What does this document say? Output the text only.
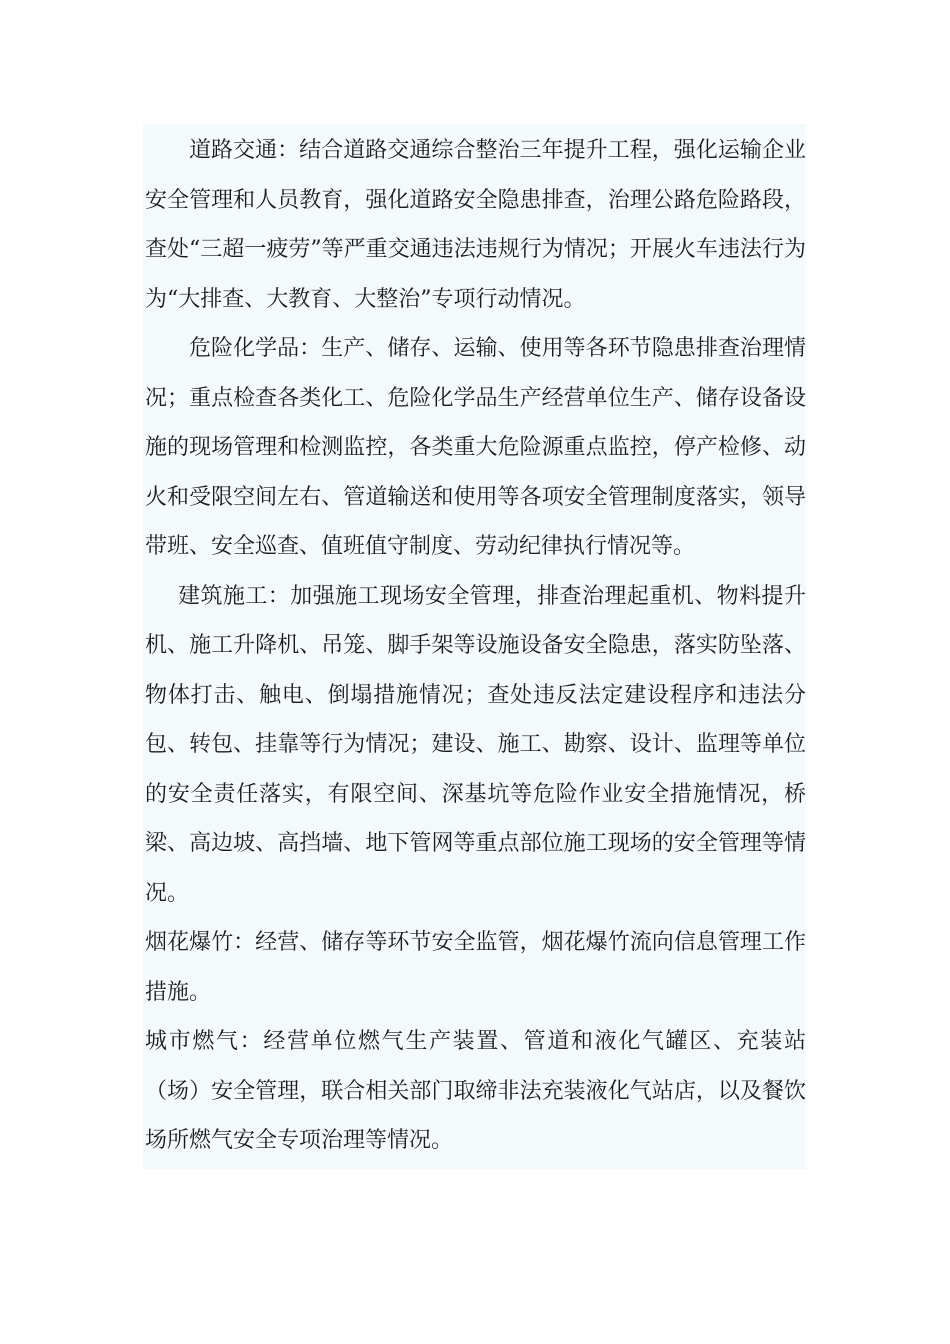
道路交通：结合道路交通综合整治三年提升工程，强化运输企业安全管理和人员教育，强化道路安全隐患排查，治理公路危险路段，查处“三超一疲劳”等严重交通违法违规行为情况；开展火车违法行为为“大排查、大教育、大整治”专项行动情况。

危险化学品：生产、储存、运输、使用等各环节隐患排查治理情况；重点检查各类化工、危险化学品生产经营单位生产、储存设备设施的现场管理和检测监控，各类重大危险源重点监控，停产检修、动火和受限空间左右、管道输送和使用等各项安全管理制度落实，领导带班、安全巡查、值班值守制度、劳动纪律执行情况等。

建筑施工：加强施工现场安全管理，排查治理起重机、物料提升机、施工升降机、吊笼、脚手架等设施设备安全隐患，落实防坠落、物体打击、触电、倒塌措施情况；查处违反法定建设程序和违法分包、转包、挂靠等行为情况；建设、施工、勘察、设计、监理等单位的安全责任落实，有限空间、深基坑等危险作业安全措施情况，桥梁、高边坡、高挡墙、地下管网等重点部位施工现场的安全管理等情况。

烟花爆竹：经营、储存等环节安全监管，烟花爆竹流向信息管理工作措施。

城市燃气：经营单位燃气生产装置、管道和液化气罐区、充装站（场）安全管理，联合相关部门取缔非法充装液化气站店，以及餐饮场所燃气安全专项治理等情况。
